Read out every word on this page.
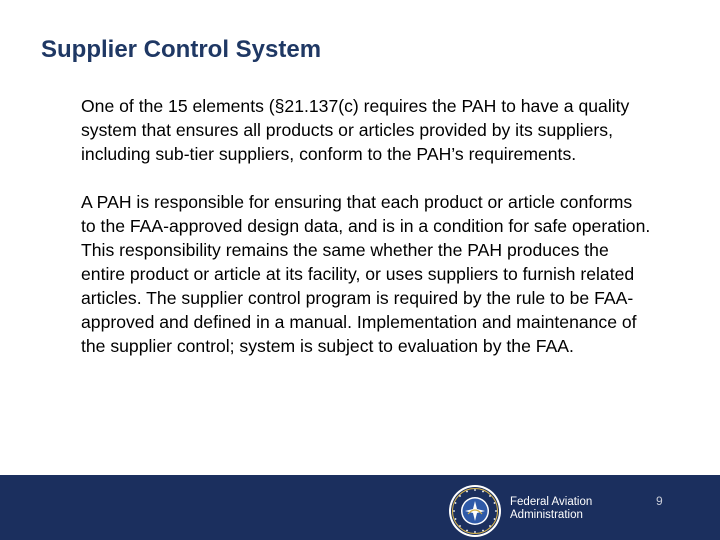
Supplier Control System

One of the 15 elements (§21.137(c) requires the PAH to have a quality system that ensures all products or articles provided by its suppliers, including sub-tier suppliers, conform to the PAH’s requirements.

A PAH is responsible for ensuring that each product or article conforms to the FAA-approved design data, and is in a condition for safe operation. This responsibility remains the same whether the PAH produces the entire product or article at its facility, or uses suppliers to furnish related articles. The supplier control program is required by the rule to be FAA-approved and defined in a manual. Implementation and maintenance of the supplier control; system is subject to evaluation by the FAA.

Federal Aviation
Administration
9
